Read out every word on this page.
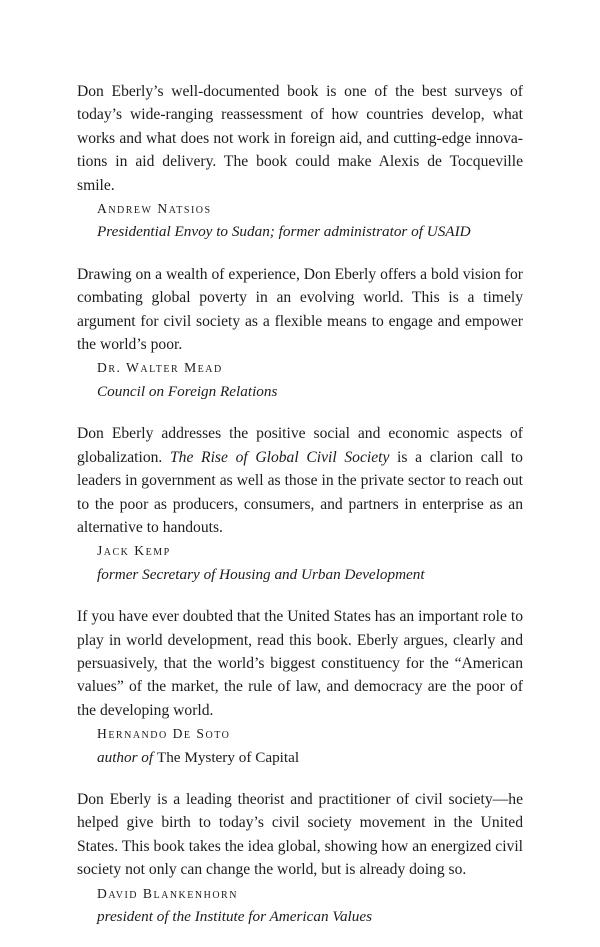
Don Eberly’s well-documented book is one of the best surveys of today’s wide-ranging reassessment of how countries develop, what works and what does not work in foreign aid, and cutting-edge innova-tions in aid delivery. The book could make Alexis de Tocqueville smile.

Andrew Natsios

Presidential Envoy to Sudan; former administrator of USAID

Drawing on a wealth of experience, Don Eberly offers a bold vision for combating global poverty in an evolving world. This is a timely argument for civil society as a flexible means to engage and empower the world’s poor.

Dr. Walter Mead

Council on Foreign Relations

Don Eberly addresses the positive social and economic aspects of globalization. The Rise of Global Civil Society is a clarion call to leaders in government as well as those in the private sector to reach out to the poor as producers, consumers, and partners in enterprise as an alternative to handouts.

Jack Kemp

former Secretary of Housing and Urban Development

If you have ever doubted that the United States has an important role to play in world development, read this book. Eberly argues, clearly and persuasively, that the world’s biggest constituency for the “American values” of the market, the rule of law, and democracy are the poor of the developing world.

Hernando De Soto

author of The Mystery of Capital

Don Eberly is a leading theorist and practitioner of civil society—he helped give birth to today’s civil society movement in the United States. This book takes the idea global, showing how an energized civil society not only can change the world, but is already doing so.

David Blankenhorn

president of the Institute for American Values
